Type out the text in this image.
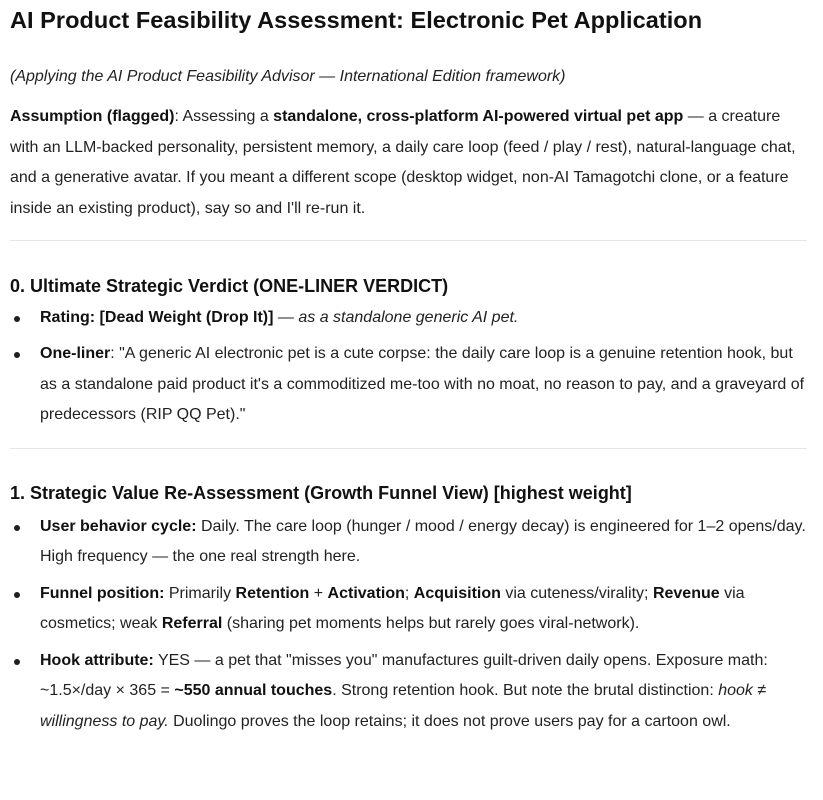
AI Product Feasibility Assessment: Electronic Pet Application

(Applying the AI Product Feasibility Advisor — International Edition framework)

Assumption (flagged): Assessing a standalone, cross-platform AI-powered virtual pet app — a creature with an LLM-backed personality, persistent memory, a daily care loop (feed / play / rest), natural-language chat, and a generative avatar. If you meant a different scope (desktop widget, non-AI Tamagotchi clone, or a feature inside an existing product), say so and I'll re-run it.

0. Ultimate Strategic Verdict (ONE-LINER VERDICT)
Rating: [Dead Weight (Drop It)] — as a standalone generic AI pet.
One-liner: "A generic AI electronic pet is a cute corpse: the daily care loop is a genuine retention hook, but as a standalone paid product it's a commoditized me-too with no moat, no reason to pay, and a graveyard of predecessors (RIP QQ Pet)."
1. Strategic Value Re-Assessment (Growth Funnel View) [highest weight]
User behavior cycle: Daily. The care loop (hunger / mood / energy decay) is engineered for 1–2 opens/day. High frequency — the one real strength here.
Funnel position: Primarily Retention + Activation; Acquisition via cuteness/virality; Revenue via cosmetics; weak Referral (sharing pet moments helps but rarely goes viral-network).
Hook attribute: YES — a pet that "misses you" manufactures guilt-driven daily opens. Exposure math: ~1.5×/day × 365 = ~550 annual touches. Strong retention hook. But note the brutal distinction: hook ≠ willingness to pay. Duolingo proves the loop retains; it does not prove users pay for a cartoon owl.
